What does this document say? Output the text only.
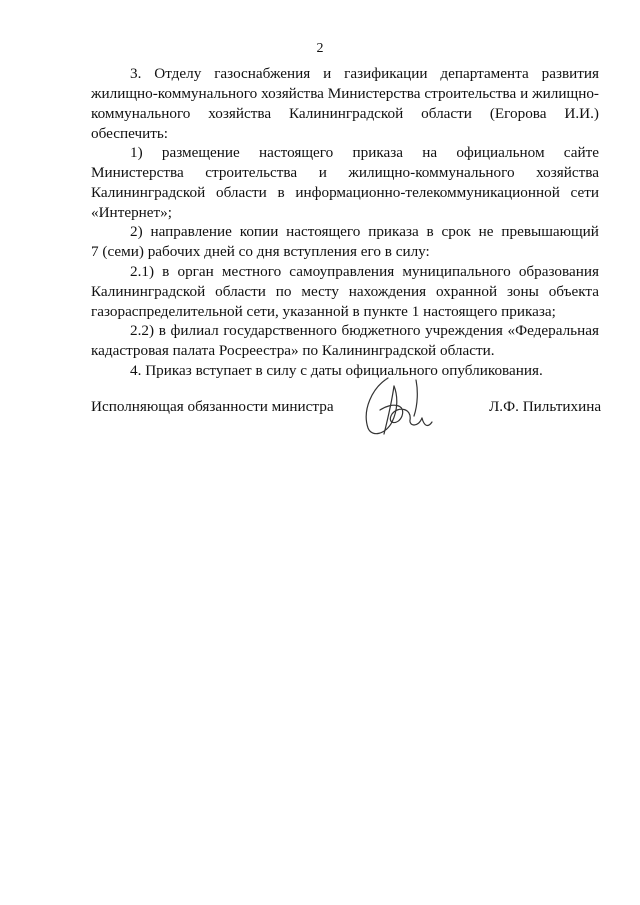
2
3. Отделу газоснабжения и газификации департамента развития
жилищно-коммунального хозяйства Министерства строительства и жилищно-
коммунального хозяйства Калининградской области (Егорова И.И.)
обеспечить:
1) размещение настоящего приказа на официальном сайте
Министерства строительства и жилищно-коммунального хозяйства
Калининградской области в информационно-телекоммуникационной сети
«Интернет»;
2) направление копии настоящего приказа в срок не превышающий
7 (семи) рабочих дней со дня вступления его в силу:
2.1) в орган местного самоуправления муниципального образования
Калининградской области по месту нахождения охранной зоны объекта
газораспределительной сети, указанной в пункте 1 настоящего приказа;
2.2) в филиал государственного бюджетного учреждения «Федеральная
кадастровая палата Росреестра» по Калининградской области.
4. Приказ вступает в силу с даты официального опубликования.
Исполняющая обязанности министра	Л.Ф. Пильтихина
